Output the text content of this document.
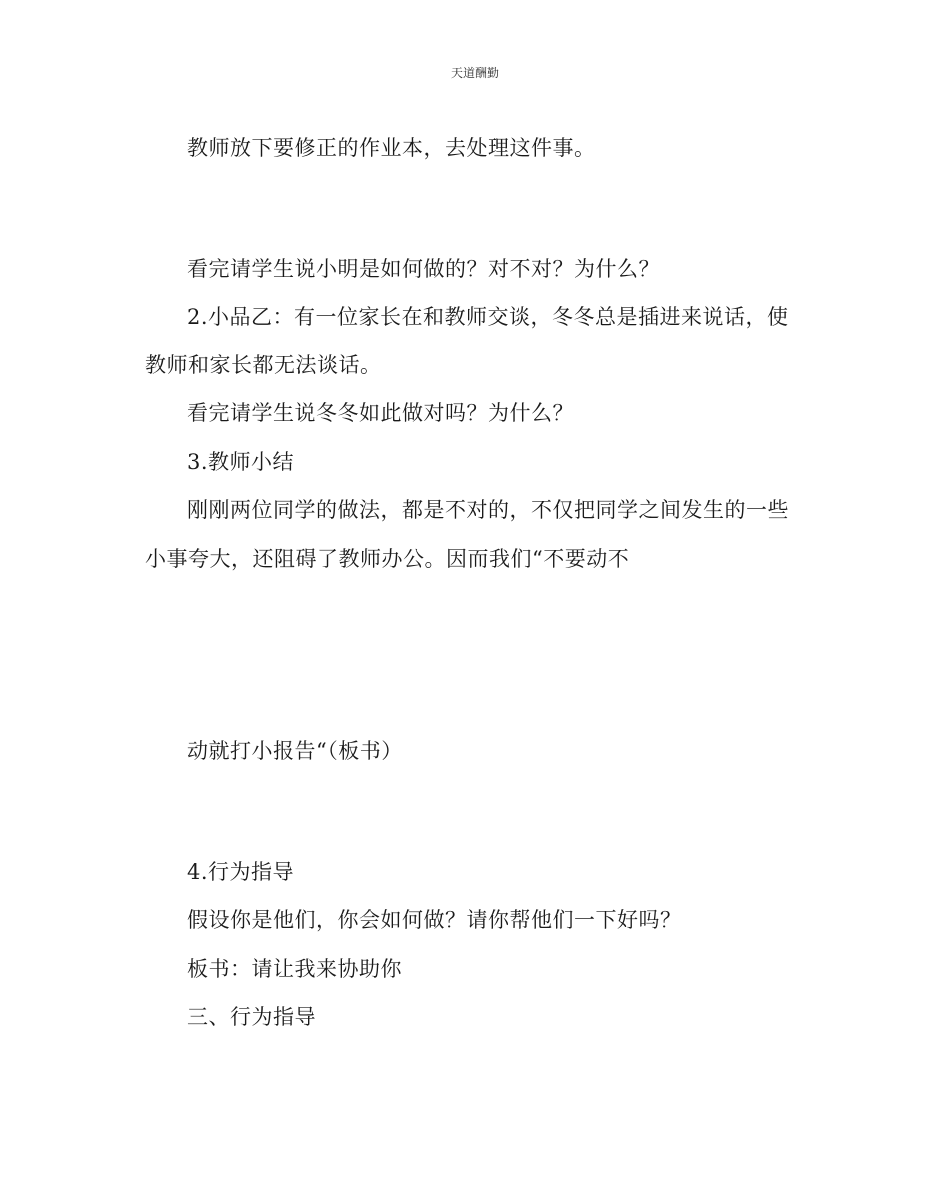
天道酬勤
教师放下要修正的作业本，去处理这件事。
看完请学生说小明是如何做的？对不对？为什么？
2.小品乙：有一位家长在和教师交谈，冬冬总是插进来说话，使
教师和家长都无法谈话。
看完请学生说冬冬如此做对吗？为什么？
3.教师小结
刚刚两位同学的做法，都是不对的，不仅把同学之间发生的一些
小事夸大，还阻碍了教师办公。因而我们“不要动不
动就打小报告“（板书）
4.行为指导
假设你是他们，你会如何做？请你帮他们一下好吗？
板书：请让我来协助你
三、行为指导
